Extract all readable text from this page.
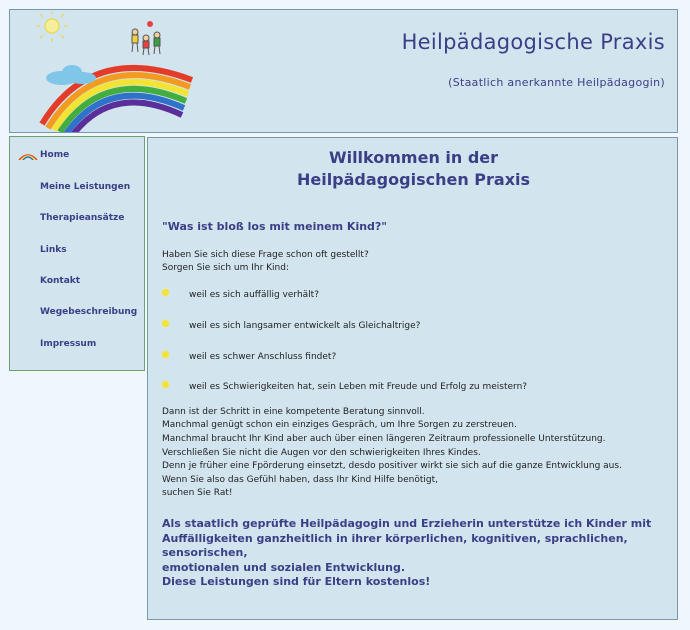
Heilpädagogische Praxis
(Staatlich anerkannte Heilpädagogin)
Home
Meine Leistungen
Therapieansätze
Links
Kontakt
Wegebeschreibung
Impressum
Willkommen in der
Heilpädagogischen Praxis
"Was ist bloß los mit meinem Kind?"
Haben Sie sich diese Frage schon oft gestellt?
Sorgen Sie sich um Ihr Kind:
weil es sich auffällig verhält?
weil es sich langsamer entwickelt als Gleichaltrige?
weil es schwer Anschluss findet?
weil es Schwierigkeiten hat, sein Leben mit Freude und Erfolg zu meistern?
Dann ist der Schritt in eine kompetente Beratung sinnvoll.
Manchmal genügt schon ein einziges Gespräch, um Ihre Sorgen zu zerstreuen.
Manchmal braucht Ihr Kind aber auch über einen längeren Zeitraum professionelle Unterstützung.
Verschließen Sie nicht die Augen vor den schwierigkeiten Ihres Kindes.
Denn je früher eine Fpörderung einsetzt, desdo positiver wirkt sie sich auf die ganze Entwicklung aus.
Wenn Sie also das Gefühl haben, dass Ihr Kind Hilfe benötigt,
suchen Sie Rat!
Als staatlich geprüfte Heilpädagogin und Erzieherin unterstütze ich Kinder mit
Auffälligkeiten ganzheitlich in ihrer körperlichen, kognitiven, sprachlichen, sensorischen,
emotionalen und sozialen Entwicklung.
Diese Leistungen sind für Eltern kostenlos!
